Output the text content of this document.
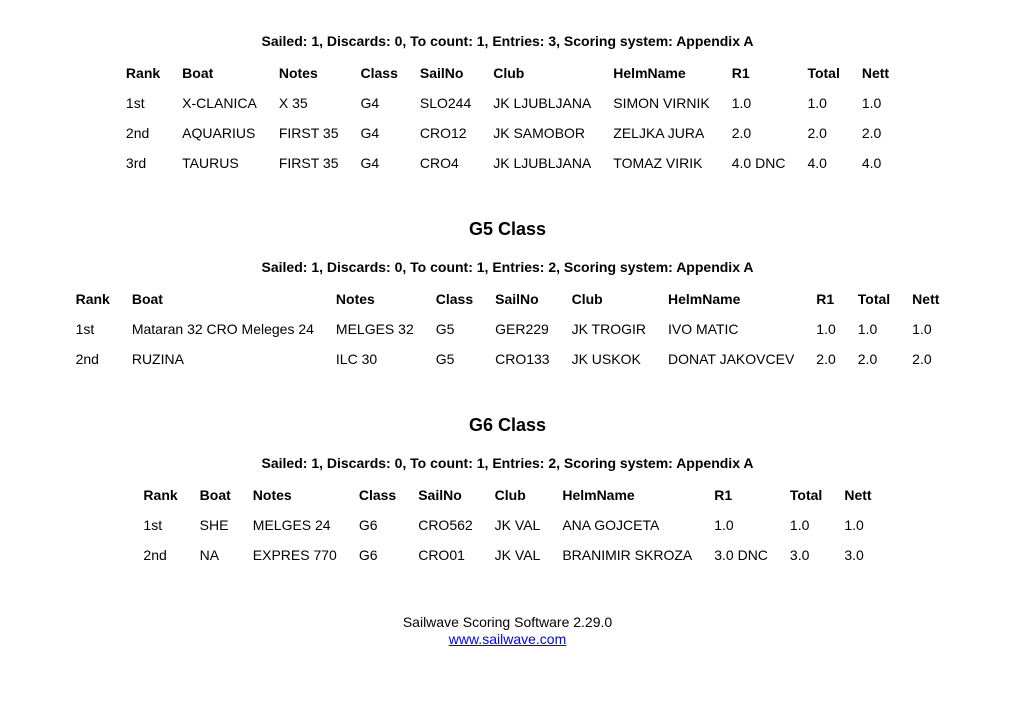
Sailed: 1, Discards: 0, To count: 1, Entries: 3, Scoring system: Appendix A

Rank	Boat	Notes	Class	SailNo	Club	HelmName	R1	Total	Nett
1st	X-CLANICA	X 35	G4	SLO244	JK LJUBLJANA	SIMON VIRNIK	1.0	1.0	1.0
2nd	AQUARIUS	FIRST 35	G4	CRO12	JK SAMOBOR	ZELJKA JURA	2.0	2.0	2.0
3rd	TAURUS	FIRST 35	G4	CRO4	JK LJUBLJANA	TOMAZ VIRIK	4.0 DNC	4.0	4.0
G5 Class

Sailed: 1, Discards: 0, To count: 1, Entries: 2, Scoring system: Appendix A

Rank	Boat	Notes	Class	SailNo	Club	HelmName	R1	Total	Nett
1st	Mataran 32 CRO Meleges 24	MELGES 32	G5	GER229	JK TROGIR	IVO MATIC	1.0	1.0	1.0
2nd	RUZINA	ILC 30	G5	CRO133	JK USKOK	DONAT JAKOVCEV	2.0	2.0	2.0
G6 Class

Sailed: 1, Discards: 0, To count: 1, Entries: 2, Scoring system: Appendix A

Rank	Boat	Notes	Class	SailNo	Club	HelmName	R1	Total	Nett
1st	SHE	MELGES 24	G6	CRO562	JK VAL	ANA GOJCETA	1.0	1.0	1.0
2nd	NA	EXPRES 770	G6	CRO01	JK VAL	BRANIMIR SKROZA	3.0 DNC	3.0	3.0

Sailwave Scoring Software 2.29.0

www.sailwave.com
